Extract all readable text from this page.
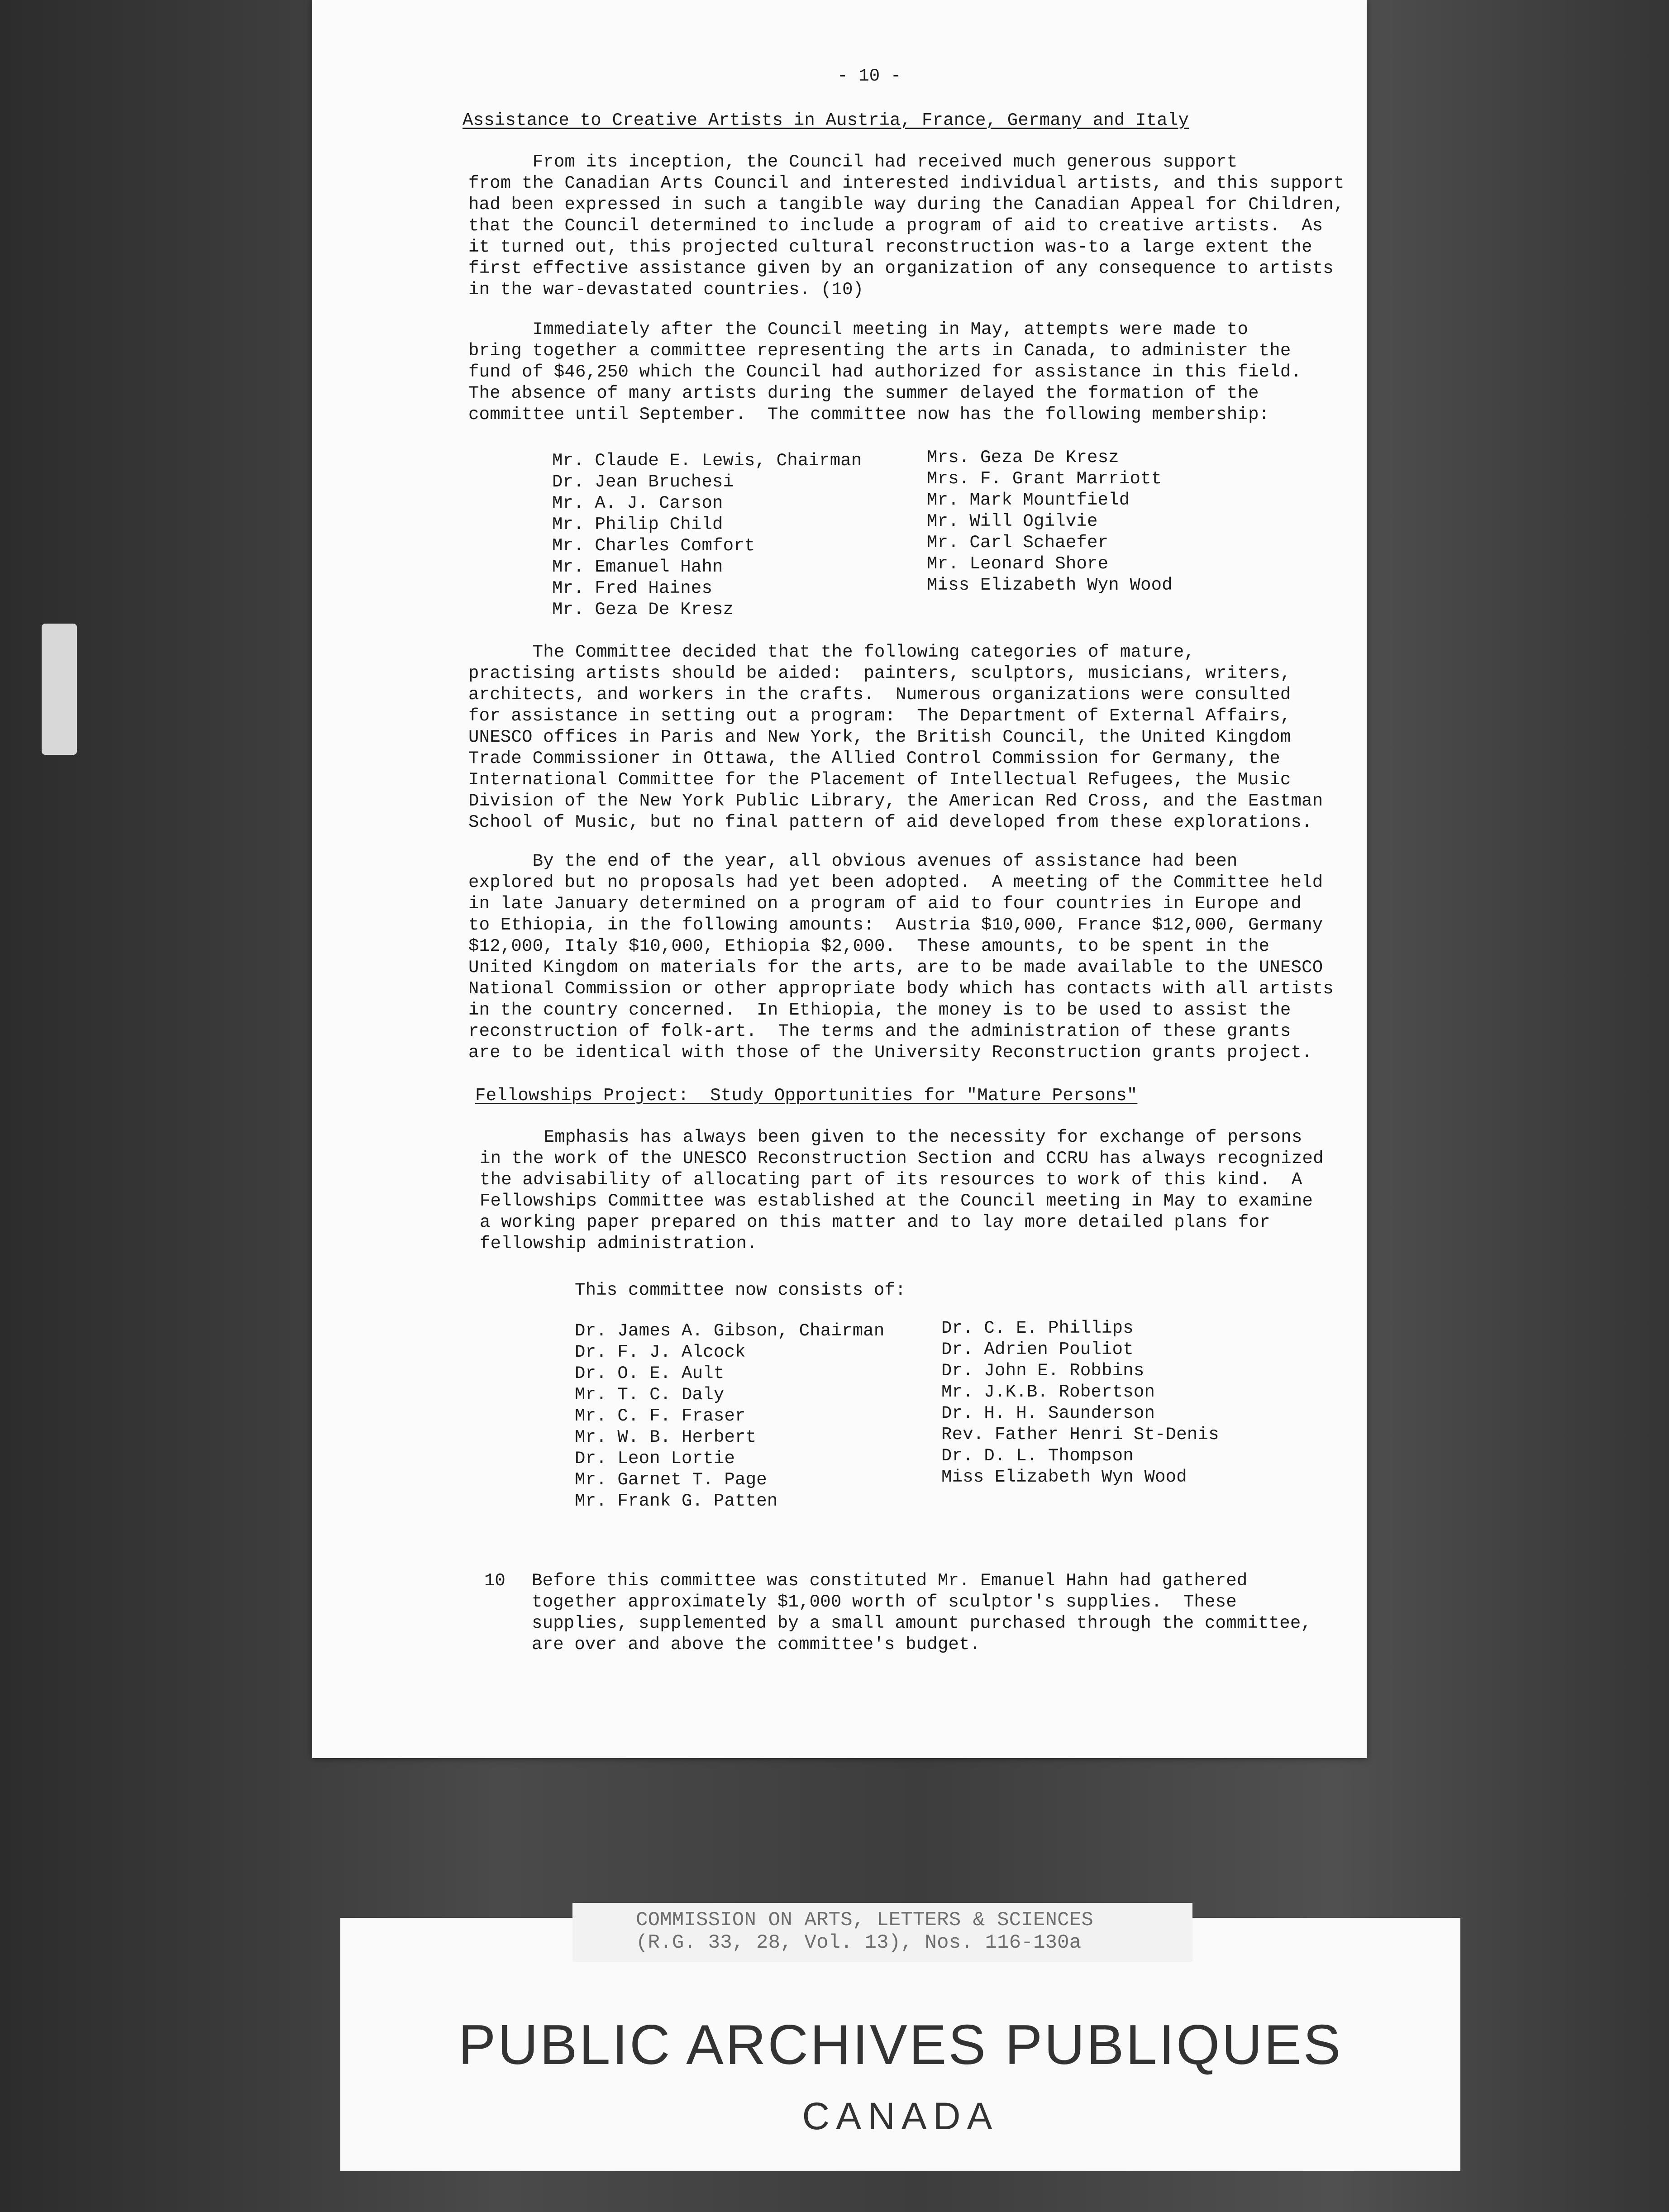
- 10 -
Assistance to Creative Artists in Austria, France, Germany and Italy
From its inception, the Council had received much generous support
from the Canadian Arts Council and interested individual artists, and this support
had been expressed in such a tangible way during the Canadian Appeal for Children,
that the Council determined to include a program of aid to creative artists.  As
it turned out, this projected cultural reconstruction was-to a large extent the
first effective assistance given by an organization of any consequence to artists
in the war-devastated countries. (10)
Immediately after the Council meeting in May, attempts were made to
bring together a committee representing the arts in Canada, to administer the
fund of $46,250 which the Council had authorized for assistance in this field.
The absence of many artists during the summer delayed the formation of the
committee until September.  The committee now has the following membership:
Mr. Claude E. Lewis, Chairman
Dr. Jean Bruchesi
Mr. A. J. Carson
Mr. Philip Child
Mr. Charles Comfort
Mr. Emanuel Hahn
Mr. Fred Haines
Mr. Geza De Kresz
Mrs. Geza De Kresz
Mrs. F. Grant Marriott
Mr. Mark Mountfield
Mr. Will Ogilvie
Mr. Carl Schaefer
Mr. Leonard Shore
Miss Elizabeth Wyn Wood
The Committee decided that the following categories of mature,
practising artists should be aided:  painters, sculptors, musicians, writers,
architects, and workers in the crafts.  Numerous organizations were consulted
for assistance in setting out a program:  The Department of External Affairs,
UNESCO offices in Paris and New York, the British Council, the United Kingdom
Trade Commissioner in Ottawa, the Allied Control Commission for Germany, the
International Committee for the Placement of Intellectual Refugees, the Music
Division of the New York Public Library, the American Red Cross, and the Eastman
School of Music, but no final pattern of aid developed from these explorations.
By the end of the year, all obvious avenues of assistance had been
explored but no proposals had yet been adopted.  A meeting of the Committee held
in late January determined on a program of aid to four countries in Europe and
to Ethiopia, in the following amounts:  Austria $10,000, France $12,000, Germany
$12,000, Italy $10,000, Ethiopia $2,000.  These amounts, to be spent in the
United Kingdom on materials for the arts, are to be made available to the UNESCO
National Commission or other appropriate body which has contacts with all artists
in the country concerned.  In Ethiopia, the money is to be used to assist the
reconstruction of folk-art.  The terms and the administration of these grants
are to be identical with those of the University Reconstruction grants project.
Fellowships Project:  Study Opportunities for "Mature Persons"
Emphasis has always been given to the necessity for exchange of persons
in the work of the UNESCO Reconstruction Section and CCRU has always recognized
the advisability of allocating part of its resources to work of this kind.  A
Fellowships Committee was established at the Council meeting in May to examine
a working paper prepared on this matter and to lay more detailed plans for
fellowship administration.
This committee now consists of:
Dr. James A. Gibson, Chairman
Dr. F. J. Alcock
Dr. O. E. Ault
Mr. T. C. Daly
Mr. C. F. Fraser
Mr. W. B. Herbert
Dr. Leon Lortie
Mr. Garnet T. Page
Mr. Frank G. Patten
Dr. C. E. Phillips
Dr. Adrien Pouliot
Dr. John E. Robbins
Mr. J.K.B. Robertson
Dr. H. H. Saunderson
Rev. Father Henri St-Denis
Dr. D. L. Thompson
Miss Elizabeth Wyn Wood
10 Before this committee was constituted Mr. Emanuel Hahn had gathered
together approximately $1,000 worth of sculptor's supplies.  These
supplies, supplemented by a small amount purchased through the committee,
are over and above the committee's budget.
PUBLIC ARCHIVES PUBLIQUES
CANADA
COMMISSION ON ARTS, LETTERS & SCIENCES
(R.G. 33, 28, Vol. 13), Nos. 116-130a
